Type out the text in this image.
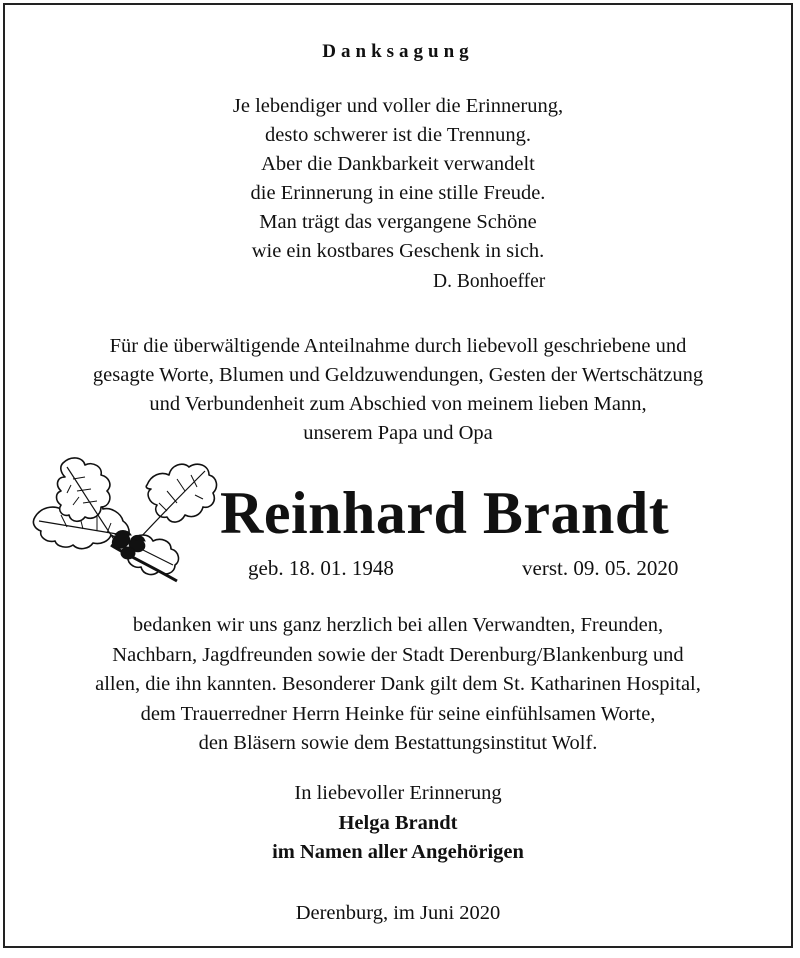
Danksagung
Je lebendiger und voller die Erinnerung,
desto schwerer ist die Trennung.
Aber die Dankbarkeit verwandelt
die Erinnerung in eine stille Freude.
Man trägt das vergangene Schöne
wie ein kostbares Geschenk in sich.
D. Bonhoeffer
Für die überwältigende Anteilnahme durch liebevoll geschriebene und
gesagte Worte, Blumen und Geldzuwendungen, Gesten der Wertschätzung
und Verbundenheit zum Abschied von meinem lieben Mann,
unserem Papa und Opa
Reinhard Brandt
geb. 18. 01. 1948	verst. 09. 05. 2020
bedanken wir uns ganz herzlich bei allen Verwandten, Freunden,
Nachbarn, Jagdfreunden sowie der Stadt Derenburg/Blankenburg und
allen, die ihn kannten. Besonderer Dank gilt dem St. Katharinen Hospital,
dem Trauerredner Herrn Heinke für seine einfühlsamen Worte,
den Bläsern sowie dem Bestattungsinstitut Wolf.
In liebevoller Erinnerung
Helga Brandt
im Namen aller Angehörigen
Derenburg, im Juni 2020
